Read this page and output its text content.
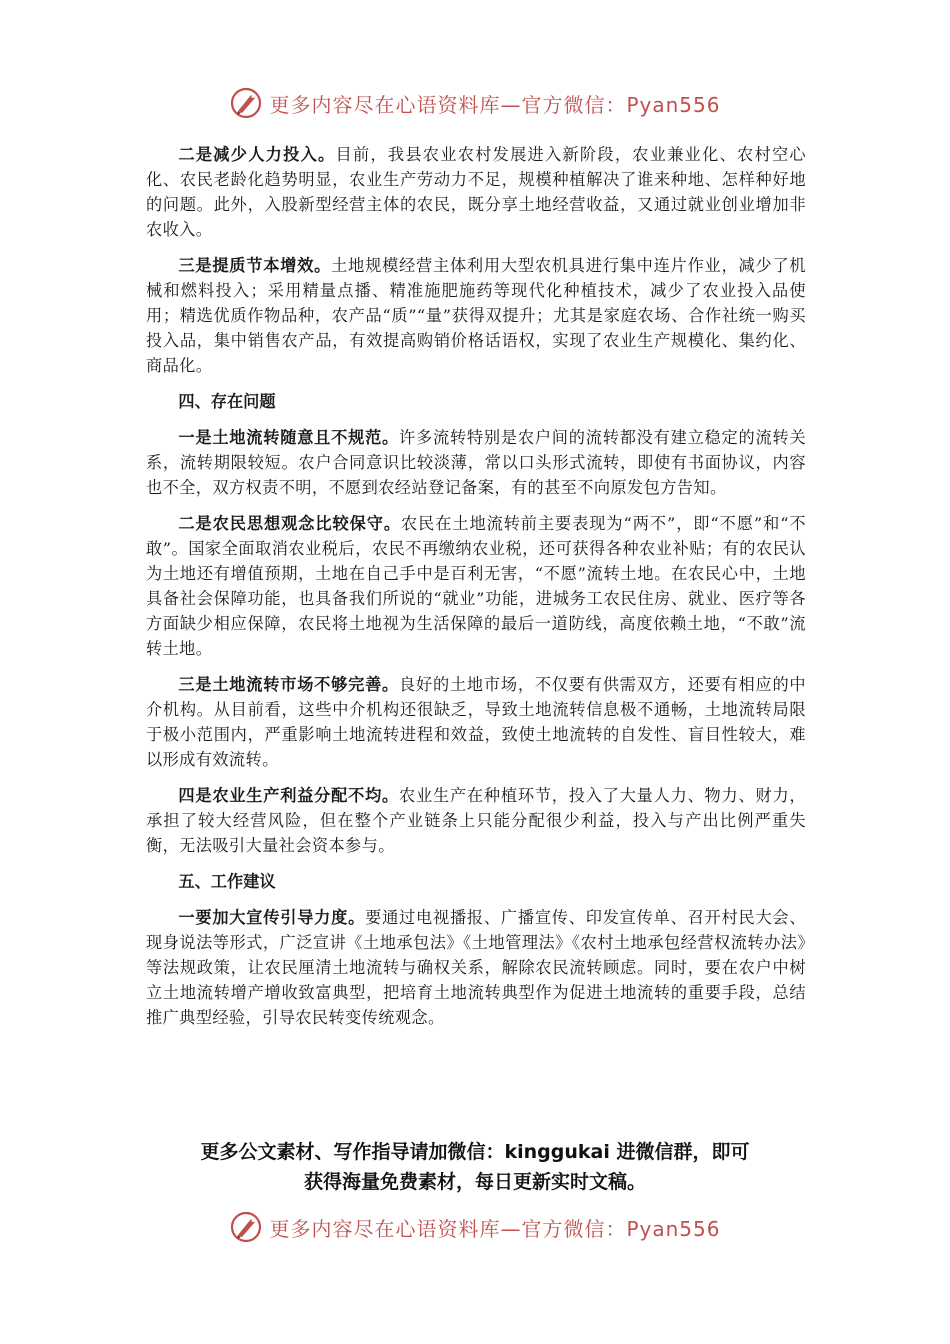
更多内容尽在心语资料库—官方微信：Pyan556

二是减少人力投入。目前，我县农业农村发展进入新阶段，农业兼业化、农村空心化、农民老龄化趋势明显，农业生产劳动力不足，规模种植解决了谁来种地、怎样种好地的问题。此外，入股新型经营主体的农民，既分享土地经营收益，又通过就业创业增加非农收入。

三是提质节本增效。土地规模经营主体利用大型农机具进行集中连片作业，减少了机械和燃料投入；采用精量点播、精准施肥施药等现代化种植技术，减少了农业投入品使用；精选优质作物品种，农产品“质”“量”获得双提升；尤其是家庭农场、合作社统一购买投入品，集中销售农产品，有效提高购销价格话语权，实现了农业生产规模化、集约化、商品化。

四、存在问题

一是土地流转随意且不规范。许多流转特别是农户间的流转都没有建立稳定的流转关系，流转期限较短。农户合同意识比较淡薄，常以口头形式流转，即使有书面协议，内容也不全，双方权责不明，不愿到农经站登记备案，有的甚至不向原发包方告知。

二是农民思想观念比较保守。农民在土地流转前主要表现为“两不”，即“不愿”和“不敢”。国家全面取消农业税后，农民不再缴纳农业税，还可获得各种农业补贴；有的农民认为土地还有增值预期，土地在自己手中是百利无害，“不愿”流转土地。在农民心中，土地具备社会保障功能，也具备我们所说的“就业”功能，进城务工农民住房、就业、医疗等各方面缺少相应保障，农民将土地视为生活保障的最后一道防线，高度依赖土地，“不敢”流转土地。

三是土地流转市场不够完善。良好的土地市场，不仅要有供需双方，还要有相应的中介机构。从目前看，这些中介机构还很缺乏，导致土地流转信息极不通畅，土地流转局限于极小范围内，严重影响土地流转进程和效益，致使土地流转的自发性、盲目性较大，难以形成有效流转。

四是农业生产利益分配不均。农业生产在种植环节，投入了大量人力、物力、财力，承担了较大经营风险，但在整个产业链条上只能分配很少利益，投入与产出比例严重失衡，无法吸引大量社会资本参与。

五、工作建议

一要加大宣传引导力度。要通过电视播报、广播宣传、印发宣传单、召开村民大会、现身说法等形式，广泛宣讲《土地承包法》《土地管理法》《农村土地承包经营权流转办法》等法规政策，让农民厘清土地流转与确权关系，解除农民流转顾虑。同时，要在农户中树立土地流转增产增收致富典型，把培育土地流转典型作为促进土地流转的重要手段，总结推广典型经验，引导农民转变传统观念。

更多公文素材、写作指导请加微信：kinggukai 进微信群，即可
获得海量免费素材，每日更新实时文稿。
更多内容尽在心语资料库—官方微信：Pyan556
